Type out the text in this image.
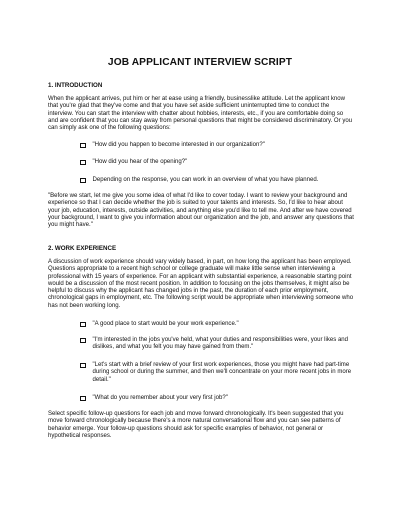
JOB APPLICANT INTERVIEW SCRIPT
1. INTRODUCTION

When the applicant arrives, put him or her at ease using a friendly, businesslike attitude. Let the applicant know that you're glad that they've come and that you have set aside sufficient uninterrupted time to conduct the interview. You can start the interview with chatter about hobbies, interests, etc., if you are comfortable doing so and are confident that you can stay away from personal questions that might be considered discriminatory. Or you can simply ask one of the following questions:

"How did you happen to become interested in our organization?"
"How did you hear of the opening?"
Depending on the response, you can work in an overview of what you have planned.

"Before we start, let me give you some idea of what I'd like to cover today. I want to review your background and experience so that I can decide whether the job is suited to your talents and interests. So, I'd like to hear about your job, education, interests, outside activities, and anything else you'd like to tell me. And after we have covered your background, I want to give you information about our organization and the job, and answer any questions that you might have."

2. WORK EXPERIENCE

A discussion of work experience should vary widely based, in part, on how long the applicant has been employed. Questions appropriate to a recent high school or college graduate will make little sense when interviewing a professional with 15 years of experience. For an applicant with substantial experience, a reasonable starting point would be a discussion of the most recent position. In addition to focusing on the jobs themselves, it might also be helpful to discuss why the applicant has changed jobs in the past, the duration of each prior employment, chronological gaps in employment, etc. The following script would be appropriate when interviewing someone who has not been working long.

"A good place to start would be your work experience."
"I'm interested in the jobs you've held, what your duties and responsibilities were, your likes and dislikes, and what you felt you may have gained from them."
"Let's start with a brief review of your first work experiences, those you might have had part-time during school or during the summer, and then we'll concentrate on your more recent jobs in more detail."
"What do you remember about your very first job?"

Select specific follow-up questions for each job and move forward chronologically. It's been suggested that you move forward chronologically because there's a more natural conversational flow and you can see patterns of behavior emerge. Your follow-up questions should ask for specific examples of behavior, not general or hypothetical responses.
